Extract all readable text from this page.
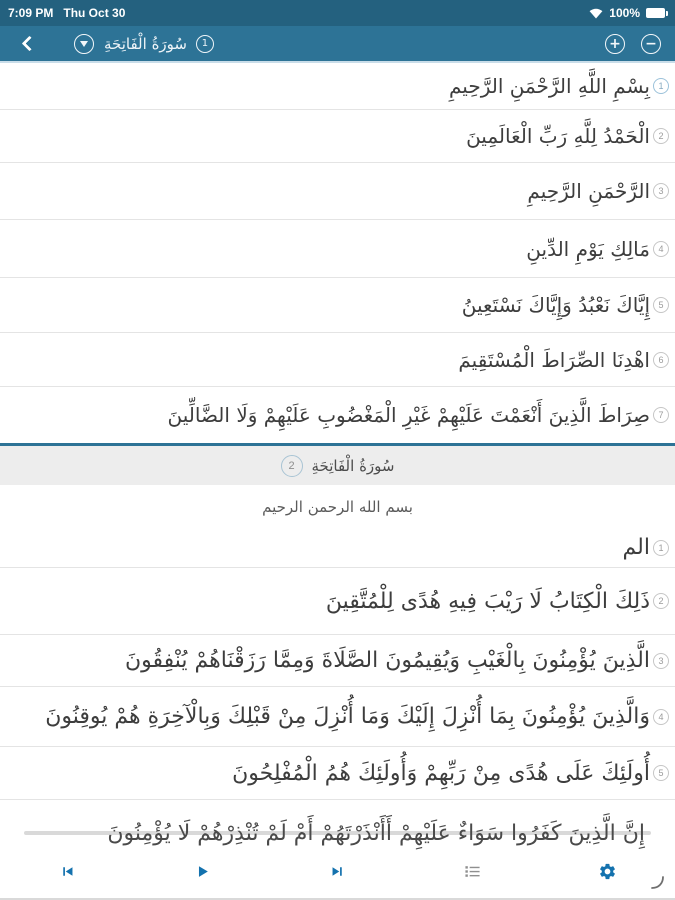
7:09 PM Thu Oct 30	100%
سُورَةُ الْفَاتِحَةِ	1	+ −
1
بِسْمِ اللَّهِ الرَّحْمَنِ الرَّحِيمِ
2
الْحَمْدُ لِلَّهِ رَبِّ الْعَالَمِينَ
3
الرَّحْمَنِ الرَّحِيمِ
4
مَالِكِ يَوْمِ الدِّينِ
5
إِيَّاكَ نَعْبُدُ وَإِيَّاكَ نَسْتَعِينُ
6
اهْدِنَا الصِّرَاطَ الْمُسْتَقِيمَ
7
صِرَاطَ الَّذِينَ أَنْعَمْتَ عَلَيْهِمْ غَيْرِ الْمَغْضُوبِ عَلَيْهِمْ وَلَا الضَّالِّينَ
2	سُورَةُ الْفَاتِحَةِ
بسم الله الرحمن الرحيم
1
الم
2
ذَلِكَ الْكِتَابُ لَا رَيْبَ فِيهِ هُدًى لِلْمُتَّقِينَ
3
الَّذِينَ يُؤْمِنُونَ بِالْغَيْبِ وَيُقِيمُونَ الصَّلَاةَ وَمِمَّا رَزَقْنَاهُمْ يُنْفِقُونَ
4
وَالَّذِينَ يُؤْمِنُونَ بِمَا أُنْزِلَ إِلَيْكَ وَمَا أُنْزِلَ مِنْ قَبْلِكَ وَبِالْآخِرَةِ هُمْ يُوقِنُونَ
5
أُولَئِكَ عَلَى هُدًى مِنْ رَبِّهِمْ وَأُولَئِكَ هُمُ الْمُفْلِحُونَ
إِنَّ الَّذِينَ كَفَرُوا سَوَاءٌ عَلَيْهِمْ أَأَنْذَرْتَهُمْ أَمْ لَمْ تُنْذِرْهُمْ لَا يُؤْمِنُونَ
